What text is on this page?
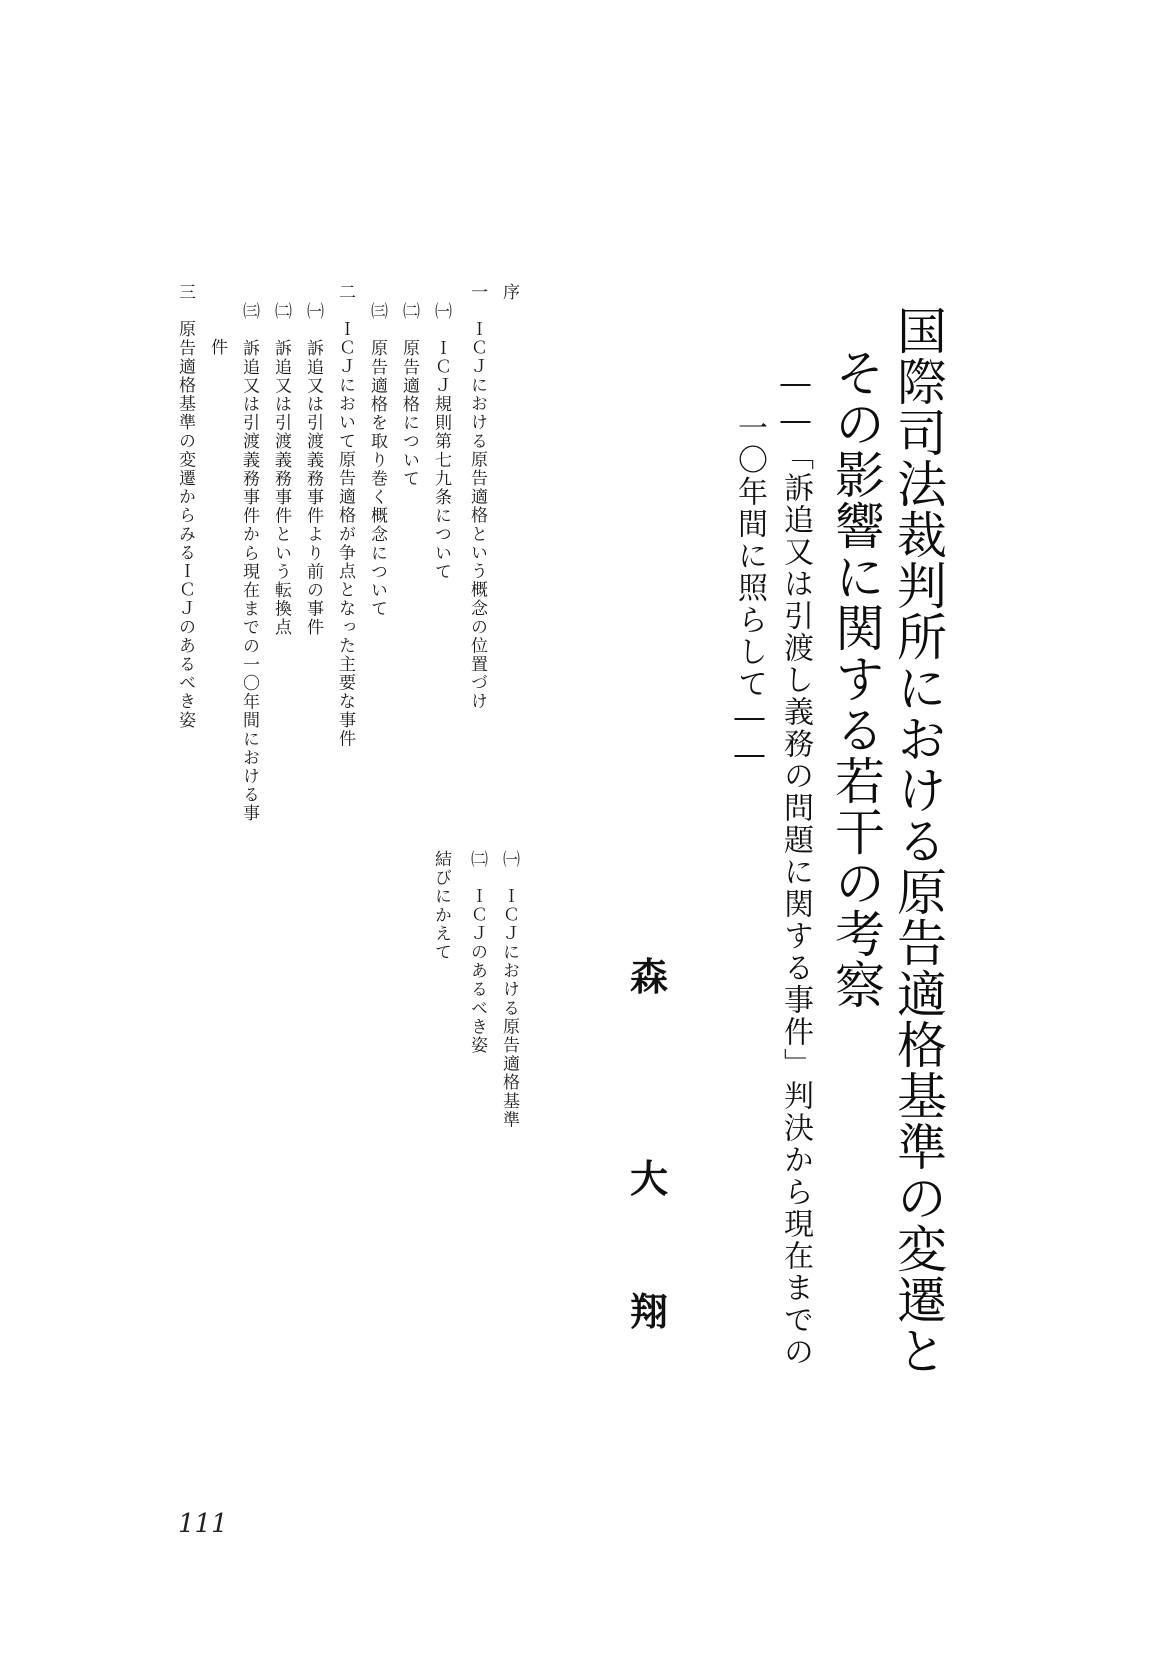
国際司法裁判所における原告適格基準の変遷と
その影響に関する若干の考察
――「訴追又は引渡し義務の問題に関する事件」判決から現在までの
一〇年間に照らして――
森
大
翔
序
一　ＩＣＪにおける原告適格という概念の位置づけ
㈠　ＩＣＪ規則第七九条について
㈡　原告適格について
㈢　原告適格を取り巻く概念について
二　ＩＣＪにおいて原告適格が争点となった主要な事件
㈠　訴追又は引渡義務事件より前の事件
㈡　訴追又は引渡義務事件という転換点
㈢　訴追又は引渡義務事件から現在までの一〇年間における事
件
三　原告適格基準の変遷からみるＩＣＪのあるべき姿
㈠　ＩＣＪにおける原告適格基準
㈡　ＩＣＪのあるべき姿
結びにかえて
111
